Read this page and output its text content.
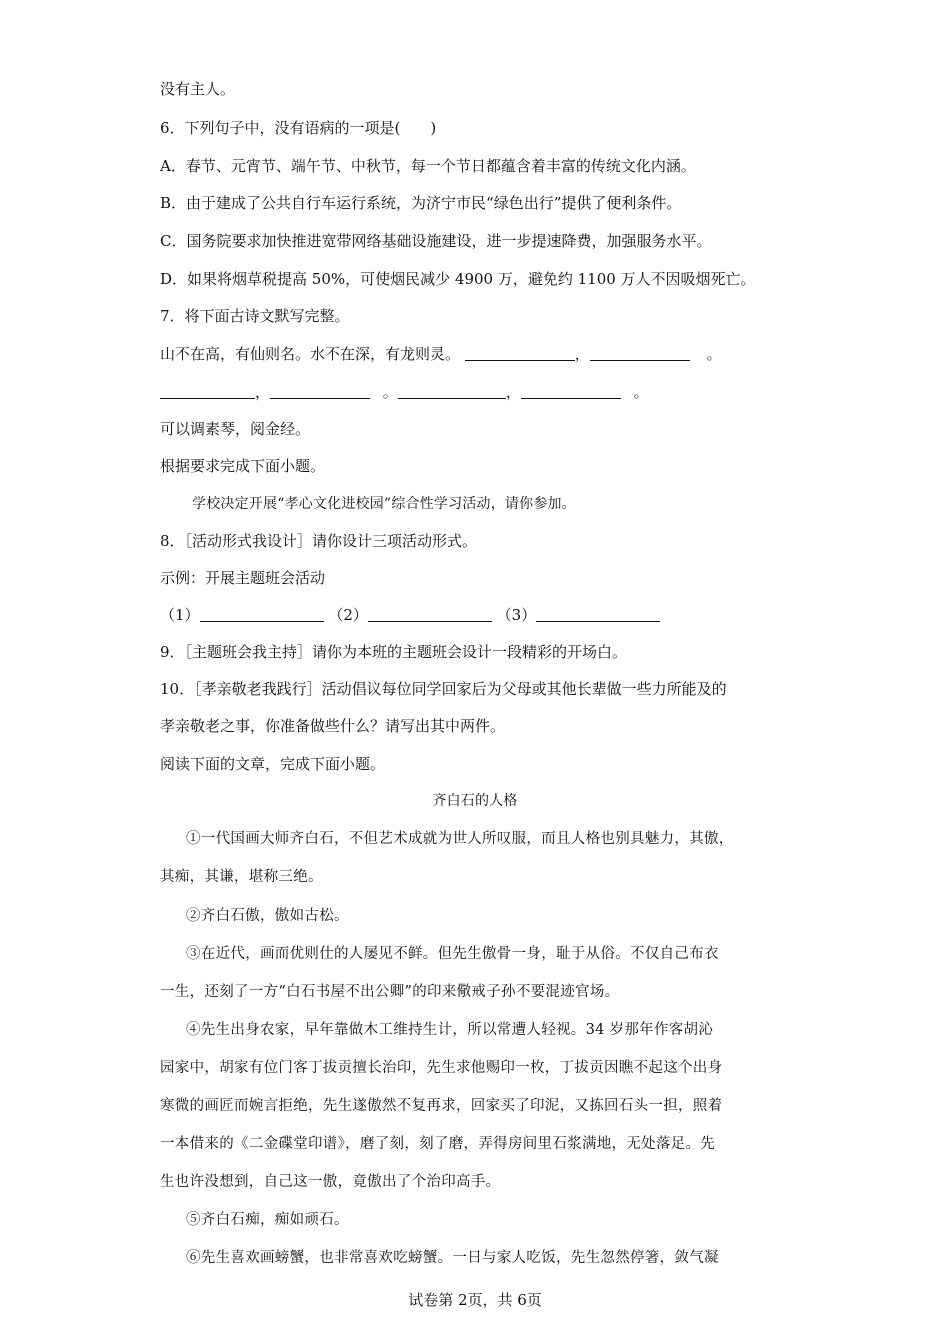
没有主人。
6．下列句子中，没有语病的一项是(　　)
A．春节、元宵节、端午节、中秋节，每一个节日都蕴含着丰富的传统文化内涵。
B．由于建成了公共自行车运行系统，为济宁市民“绿色出行”提供了便利条件。
C．国务院要求加快推进宽带网络基础设施建设，进一步提速降费，加强服务水平。
D．如果将烟草税提高 50%，可使烟民减少 4900 万，避免约 1100 万人不因吸烟死亡。
7．将下面古诗文默写完整。
山不在高，有仙则名。水不在深，有龙则灵。	，	。
，	。	，	。
可以调素琴，阅金经。
根据要求完成下面小题。
学校决定开展“孝心文化进校园”综合性学习活动，请你参加。
8．［活动形式我设计］请你设计三项活动形式。
示例：开展主题班会活动
（1）	（2）	（3）
9．［主题班会我主持］请你为本班的主题班会设计一段精彩的开场白。
10．［孝亲敬老我践行］活动倡议每位同学回家后为父母或其他长辈做一些力所能及的
孝亲敬老之事，你准备做些什么？请写出其中两件。
阅读下面的文章，完成下面小题。
齐白石的人格
①一代国画大师齐白石，不但艺术成就为世人所叹服，而且人格也别具魅力，其傲，
其痴，其谦，堪称三绝。
②齐白石傲，傲如古松。
③在近代，画而优则仕的人屡见不鲜。但先生傲骨一身，耻于从俗。不仅自己布衣
一生，还刻了一方“白石书屋不出公卿”的印来儆戒子孙不要混迹官场。
④先生出身农家，早年靠做木工维持生计，所以常遭人轻视。34 岁那年作客胡沁
园家中，胡家有位门客丁拔贡擅长治印，先生求他赐印一枚，丁拔贡因瞧不起这个出身
寒微的画匠而婉言拒绝，先生遂傲然不复再求，回家买了印泥，又拣回石头一担，照着
一本借来的《二金碟堂印谱》，磨了刻，刻了磨，弄得房间里石浆满地，无处落足。先
生也许没想到，自己这一傲，竟傲出了个治印高手。
⑤齐白石痴，痴如顽石。
⑥先生喜欢画螃蟹，也非常喜欢吃螃蟹。一日与家人吃饭，先生忽然停箸，敛气凝
试卷第 2页，共 6页
